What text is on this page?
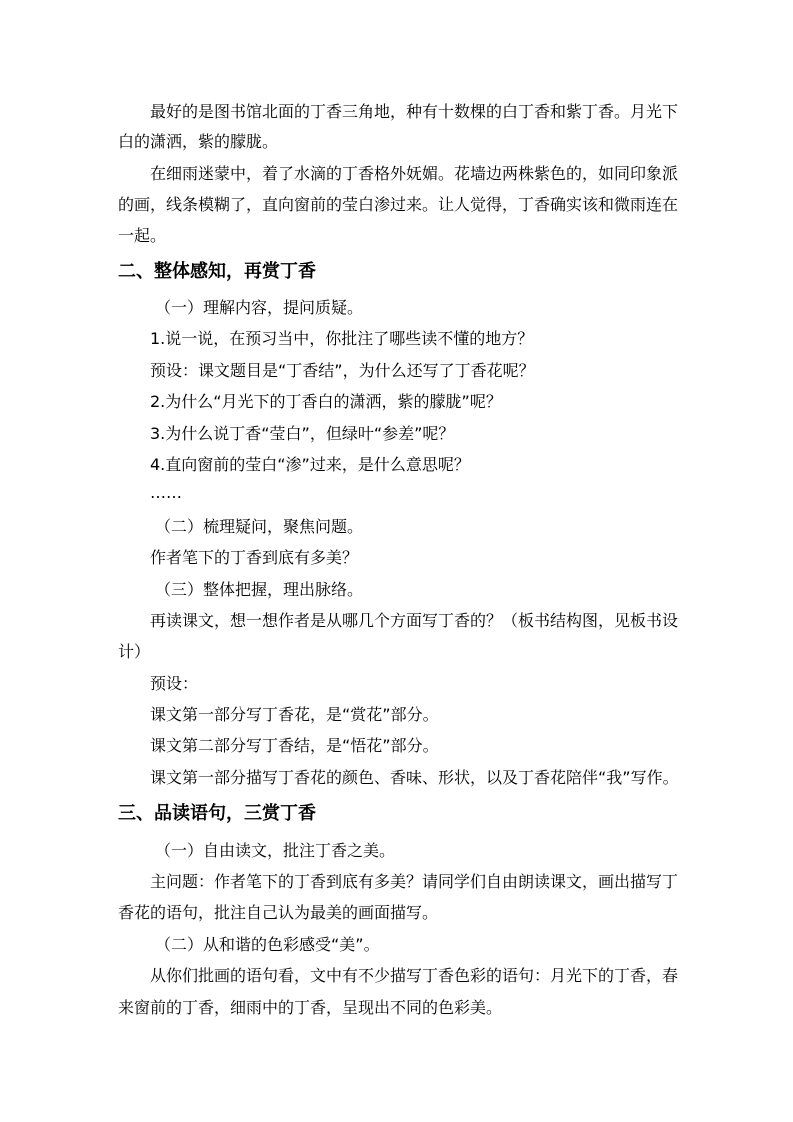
最好的是图书馆北面的丁香三角地，种有十数棵的白丁香和紫丁香。月光下
白的潇洒，紫的朦胧。
在细雨迷蒙中，着了水滴的丁香格外妩媚。花墙边两株紫色的，如同印象派
的画，线条模糊了，直向窗前的莹白渗过来。让人觉得，丁香确实该和微雨连在
一起。
二、整体感知，再赏丁香
（一）理解内容，提问质疑。
1.说一说，在预习当中，你批注了哪些读不懂的地方？
预设：课文题目是“丁香结”，为什么还写了丁香花呢？
2.为什么“月光下的丁香白的潇洒，紫的朦胧”呢？
3.为什么说丁香“莹白”，但绿叶“参差”呢？
4.直向窗前的莹白“渗”过来，是什么意思呢？
……
（二）梳理疑问，聚焦问题。
作者笔下的丁香到底有多美？
（三）整体把握，理出脉络。
再读课文，想一想作者是从哪几个方面写丁香的？（板书结构图，见板书设
计）
预设：
课文第一部分写丁香花，是“赏花”部分。
课文第二部分写丁香结，是“悟花”部分。
课文第一部分描写丁香花的颜色、香味、形状，以及丁香花陪伴“我”写作。
三、品读语句，三赏丁香
（一）自由读文，批注丁香之美。
主问题：作者笔下的丁香到底有多美？请同学们自由朗读课文，画出描写丁
香花的语句，批注自己认为最美的画面描写。
（二）从和谐的色彩感受“美”。
从你们批画的语句看，文中有不少描写丁香色彩的语句：月光下的丁香，春
来窗前的丁香，细雨中的丁香，呈现出不同的色彩美。
